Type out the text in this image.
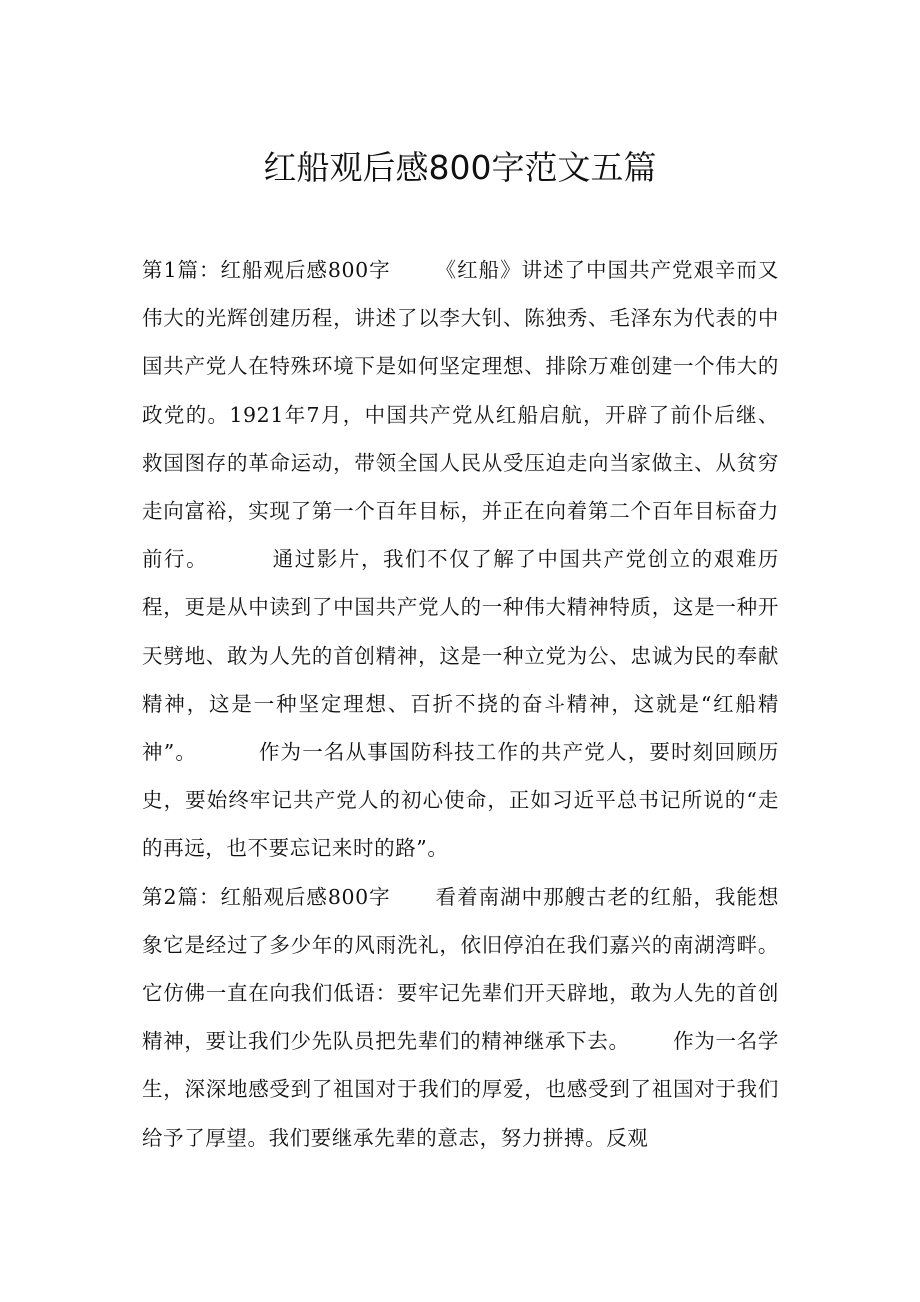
红船观后感800字范文五篇
第1篇：红船观后感800字 《红船》讲述了中国共产党艰辛而又伟大的光辉创建历程，讲述了以李大钊、陈独秀、毛泽东为代表的中国共产党人在特殊环境下是如何坚定理想、排除万难创建一个伟大的政党的。1921年7月，中国共产党从红船启航，开辟了前仆后继、救国图存的革命运动，带领全国人民从受压迫走向当家做主、从贫穷走向富裕，实现了第一个百年目标，并正在向着第二个百年目标奋力前行。	通过影片，我们不仅了解了中国共产党创立的艰难历程，更是从中读到了中国共产党人的一种伟大精神特质，这是一种开天劈地、敢为人先的首创精神，这是一种立党为公、忠诚为民的奉献精神，这是一种坚定理想、百折不挠的奋斗精神，这就是“红船精神”。	作为一名从事国防科技工作的共产党人，要时刻回顾历史，要始终牢记共产党人的初心使命，正如习近平总书记所说的“走的再远，也不要忘记来时的路”。
第2篇：红船观后感800字 看着南湖中那艘古老的红船，我能想象它是经过了多少年的风雨洗礼，依旧停泊在我们嘉兴的南湖湾畔。它仿佛一直在向我们低语：要牢记先辈们开天辟地，敢为人先的首创精神，要让我们少先队员把先辈们的精神继承下去。 作为一名学生，深深地感受到了祖国对于我们的厚爱，也感受到了祖国对于我们给予了厚望。我们要继承先辈的意志，努力拼搏。反观
